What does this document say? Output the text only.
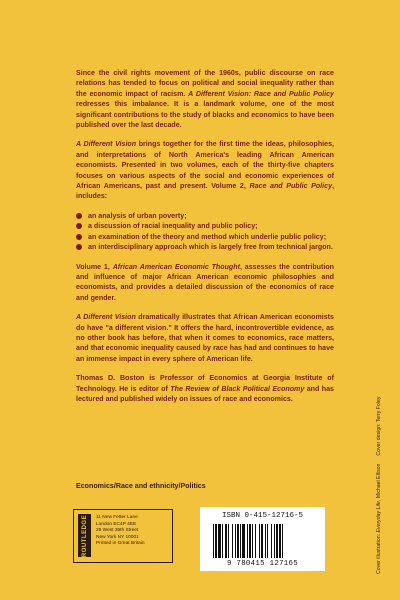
Since the civil rights movement of the 1960s, public discourse on race relations has tended to focus on political and social inequality rather than the economic impact of racism. A Different Vision: Race and Public Policy redresses this imbalance. It is a landmark volume, one of the most significant contributions to the study of blacks and economics to have been published over the last decade.

A Different Vision brings together for the first time the ideas, philosophies, and interpretations of North America's leading African American economists. Presented in two volumes, each of the thirty-five chapters focuses on various aspects of the social and economic experiences of African Americans, past and present. Volume 2, Race and Public Policy, includes:

an analysis of urban poverty;
a discussion of racial inequality and public policy;
an examination of the theory and method which underlie public policy;
an interdisciplinary approach which is largely free from technical jargon.

Volume 1, African American Economic Thought, assesses the contribution and influence of major African American economic philosophies and economists, and provides a detailed discussion of the economics of race and gender.

A Different Vision dramatically illustrates that African American economists do have "a different vision." It offers the hard, incontrovertible evidence, as no other book has before, that when it comes to economics, race matters, and that economic inequality caused by race has had and continues to have an immense impact in every sphere of American life.

Thomas D. Boston is Professor of Economics at Georgia Institute of Technology. He is editor of The Review of Black Political Economy and has lectured and published widely on issues of race and economics.

Economics/Race and ethnicity/Politics
ROUTLEDGE 11 New Fetter Lane
London EC4P 4EE
29 West 35th Street
New York NY 10001
Printed in Great Britain
ISBN 0-415-12716-5
9 780415 127165	Cover illustration: Everyday Life, Michael EllisonCover design: Terry Foley
